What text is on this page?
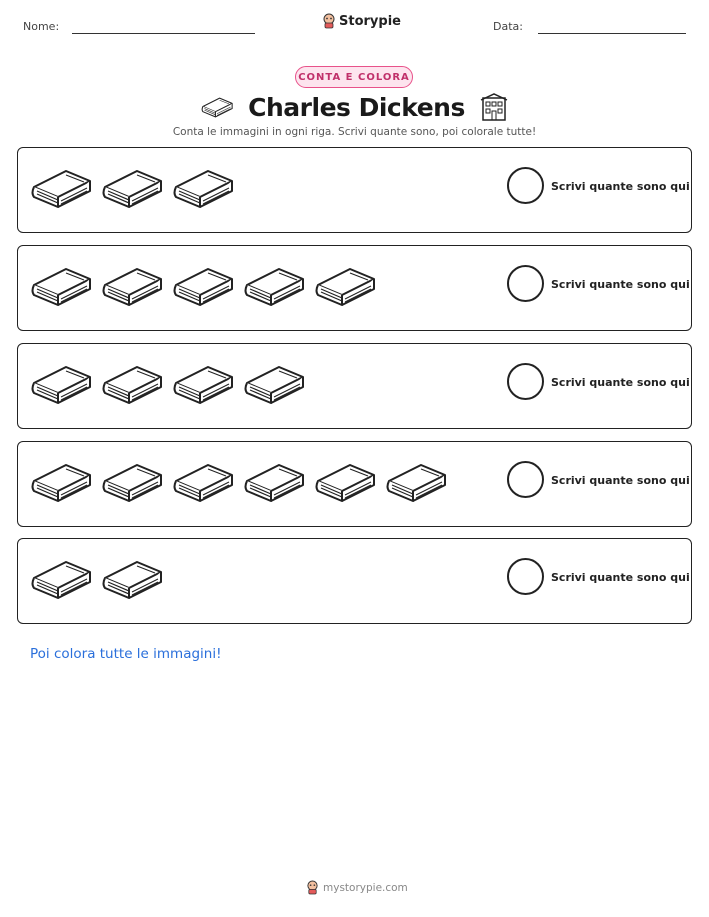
Nome:	Storypie	Data:
CONTA E COLORA
Charles Dickens
Conta le immagini in ogni riga. Scrivi quante sono, poi colorale tutte!
Scrivi quante sono qui
Scrivi quante sono qui
Scrivi quante sono qui
Scrivi quante sono qui
Scrivi quante sono qui
Poi colora tutte le immagini!
mystorypie.com
